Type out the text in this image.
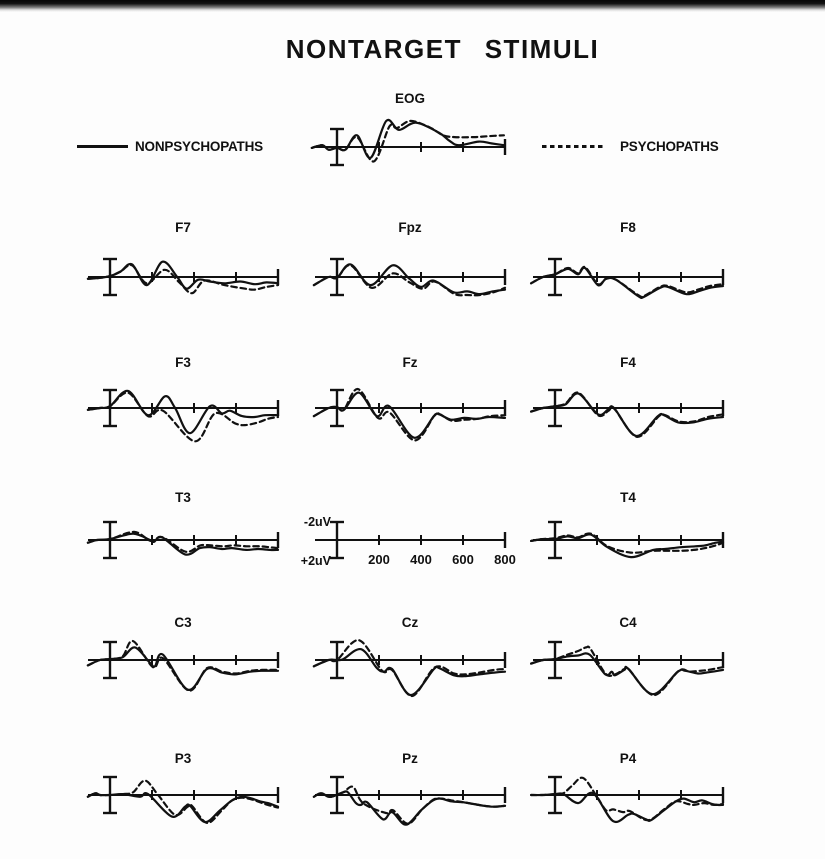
NONTARGET STIMULI
NONPSYCHOPATHS	PSYCHOPATHS
EOG
F7	Fpz	F8
F3	Fz	F4
T3	T4
C3	Cz	C4
P3	Pz	P4
-2uV
+2uV	200 400 600 800
